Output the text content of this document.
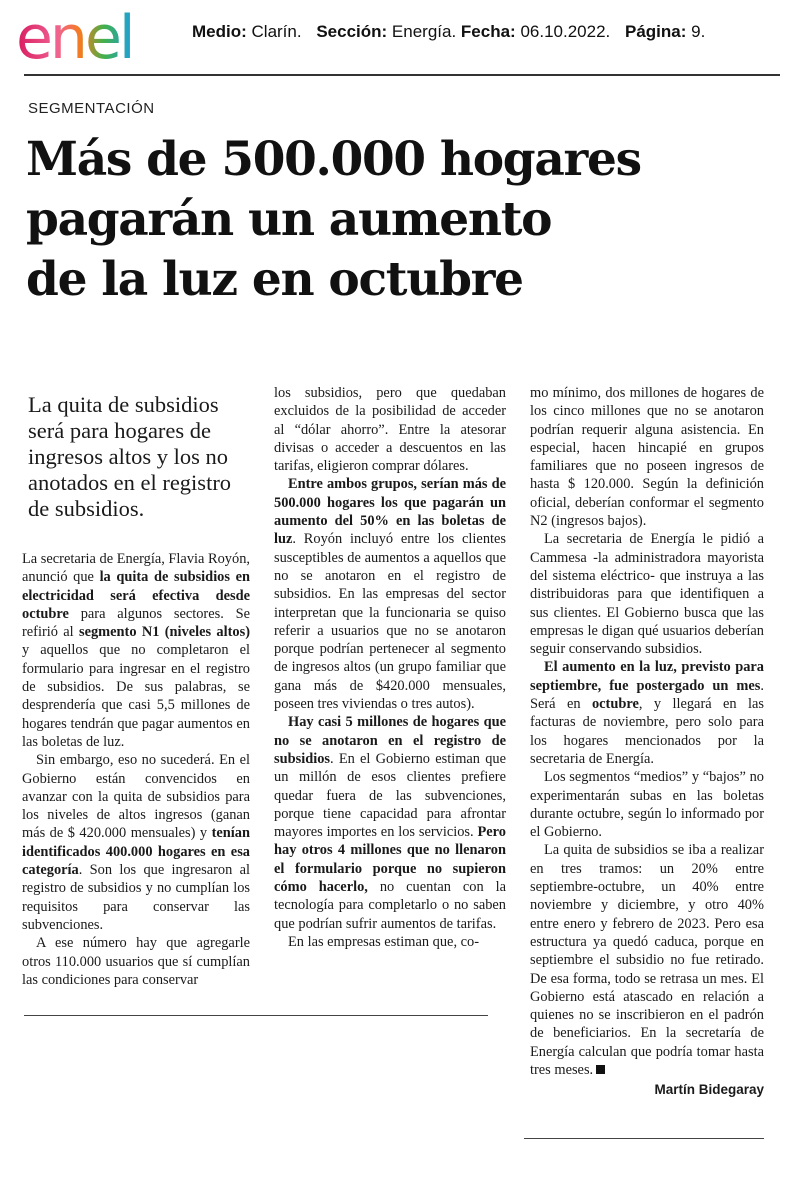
enel	Medio: Clarín. Sección: Energía. Fecha: 06.10.2022. Página: 9.
SEGMENTACIÓN
Más de 500.000 hogares
pagarán un aumento
de la luz en octubre
La quita de subsidios será para hogares de ingresos altos y los no anotados en el registro de subsidios.

La secretaria de Energía, Flavia Royón, anunció que la quita de subsidios en electricidad será efectiva desde octubre para algunos sectores. Se refirió al segmento N1 (niveles altos) y aquellos que no completaron el formulario para ingresar en el registro de subsidios. De sus palabras, se desprendería que casi 5,5 millones de hogares tendrán que pagar aumentos en las boletas de luz.

Sin embargo, eso no sucederá. En el Gobierno están convencidos en avanzar con la quita de subsidios para los niveles de altos ingresos (ganan más de $ 420.000 mensuales) y tenían identificados 400.000 hogares en esa categoría. Son los que ingresaron al registro de subsidios y no cumplían los requisitos para conservar las subvenciones.

A ese número hay que agregarle otros 110.000 usuarios que sí cumplían las condiciones para conservar

los subsidios, pero que quedaban excluidos de la posibilidad de acceder al “dólar ahorro”. Entre la atesorar divisas o acceder a descuentos en las tarifas, eligieron comprar dólares.

Entre ambos grupos, serían más de 500.000 hogares los que pagarán un aumento del 50% en las boletas de luz. Royón incluyó entre los clientes susceptibles de aumentos a aquellos que no se anotaron en el registro de subsidios. En las empresas del sector interpretan que la funcionaria se quiso referir a usuarios que no se anotaron porque podrían pertenecer al segmento de ingresos altos (un grupo familiar que gana más de $420.000 mensuales, poseen tres viviendas o tres autos).

Hay casi 5 millones de hogares que no se anotaron en el registro de subsidios. En el Gobierno estiman que un millón de esos clientes prefiere quedar fuera de las subvenciones, porque tiene capacidad para afrontar mayores importes en los servicios. Pero hay otros 4 millones que no llenaron el formulario porque no supieron cómo hacerlo, no cuentan con la tecnología para completarlo o no saben que podrían sufrir aumentos de tarifas.

En las empresas estiman que, co-

mo mínimo, dos millones de hogares de los cinco millones que no se anotaron podrían requerir alguna asistencia. En especial, hacen hincapié en grupos familiares que no poseen ingresos de hasta $ 120.000. Según la definición oficial, deberían conformar el segmento N2 (ingresos bajos).

La secretaria de Energía le pidió a Cammesa -la administradora mayorista del sistema eléctrico- que instruya a las distribuidoras para que identifiquen a sus clientes. El Gobierno busca que las empresas le digan qué usuarios deberían seguir conservando subsidios.

El aumento en la luz, previsto para septiembre, fue postergado un mes. Será en octubre, y llegará en las facturas de noviembre, pero solo para los hogares mencionados por la secretaria de Energía.

Los segmentos “medios” y “bajos” no experimentarán subas en las boletas durante octubre, según lo informado por el Gobierno.

La quita de subsidios se iba a realizar en tres tramos: un 20% entre septiembre-octubre, un 40% entre noviembre y diciembre, y otro 40% entre enero y febrero de 2023. Pero esa estructura ya quedó caduca, porque en septiembre el subsidio no fue retirado. De esa forma, todo se retrasa un mes. El Gobierno está atascado en relación a quienes no se inscribieron en el padrón de beneficiarios. En la secretaría de Energía calculan que podría tomar hasta tres meses.

Martín Bidegaray
